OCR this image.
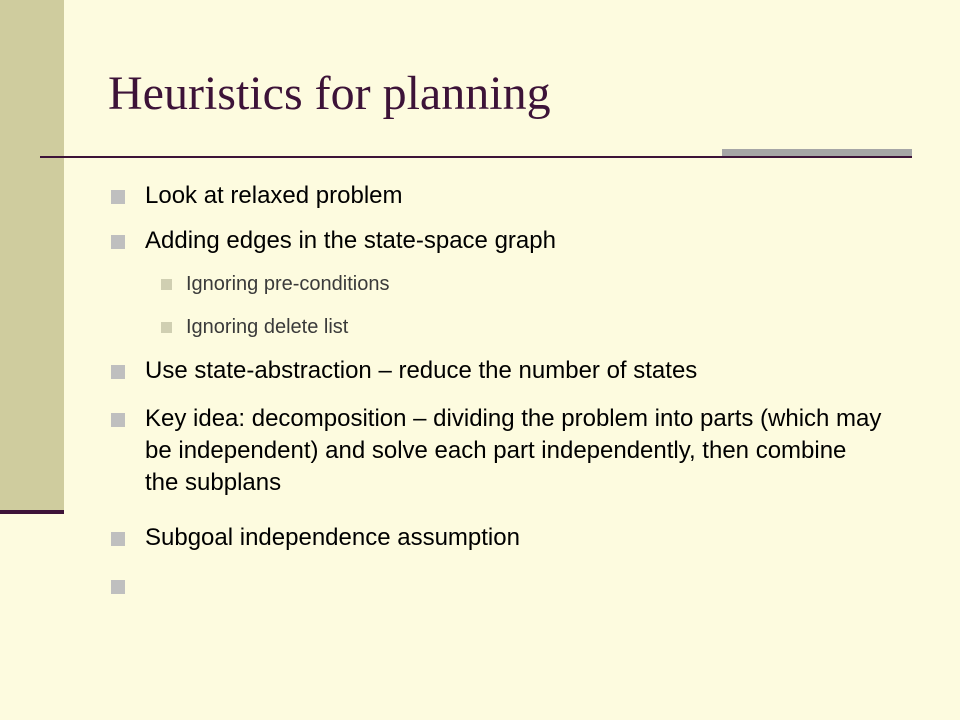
Heuristics for planning

Look at relaxed problem

Adding edges in the state-space graph

Ignoring pre-conditions

Ignoring delete list

Use state-abstraction – reduce the number of states

Key idea: decomposition – dividing the problem into parts (which may be independent) and solve each part independently, then combine the subplans

Subgoal independence assumption
